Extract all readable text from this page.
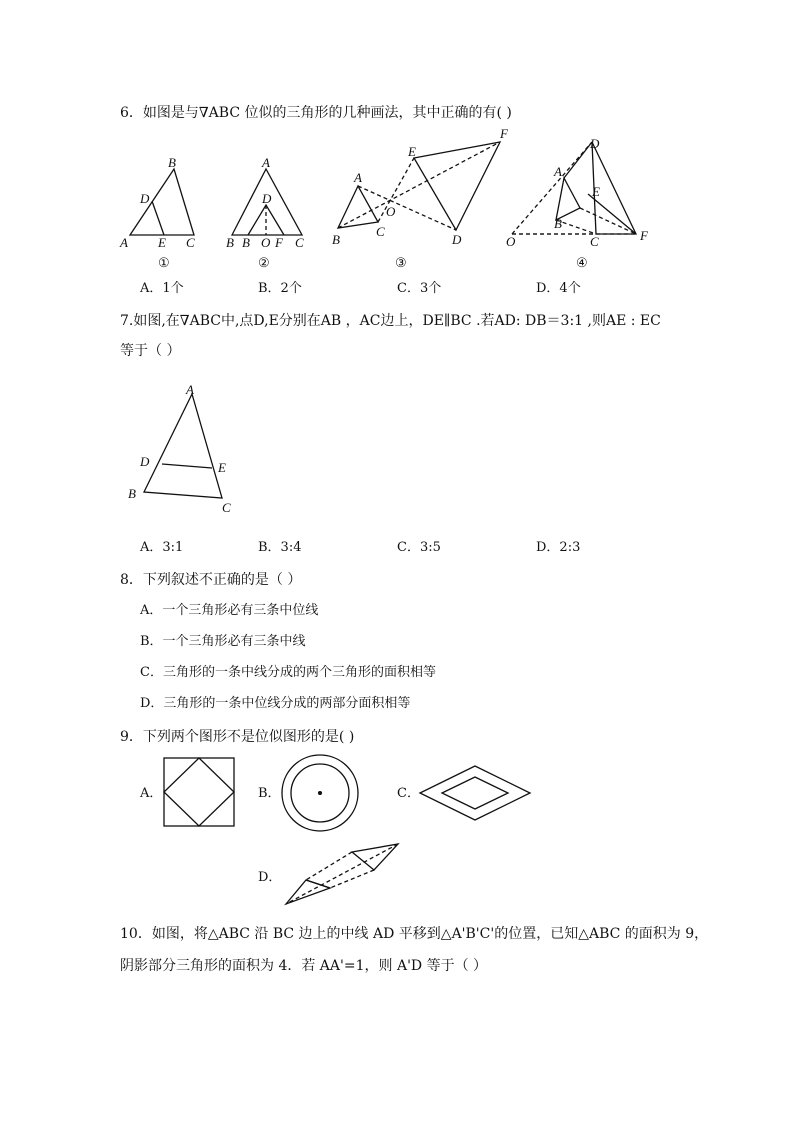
6．如图是与∇ABC 位似的三角形的几种画法，其中正确的有( )
B
D
A E C
①
A
D
B B O F C
②
A
E
F
O
B
C
D
③
A
D
E
B
O	C	F
④
A．1个	B．2个	C．3个	D．4个
7.如图,在∇ABC中,点D,E分别在AB ，AC边上，DE∥BC .若AD: DB＝3:1 ,则AE : EC
等于（ ）
A
D	E
B
C
A．3:1	B．3:4	C．3:5	D．2:3
8．下列叙述不正确的是（ ）
A．一个三角形必有三条中位线
B．一个三角形必有三条中线
C．三角形的一条中线分成的两个三角形的面积相等
D．三角形的一条中位线分成的两部分面积相等
9．下列两个图形不是位似图形的是( )
A．	B．	C．
D．
10．如图，将△ABC 沿 BC 边上的中线 AD 平移到△A'B'C'的位置，已知△ABC 的面积为 9，
阴影部分三角形的面积为 4．若 AA'=1，则 A'D 等于（ ）
